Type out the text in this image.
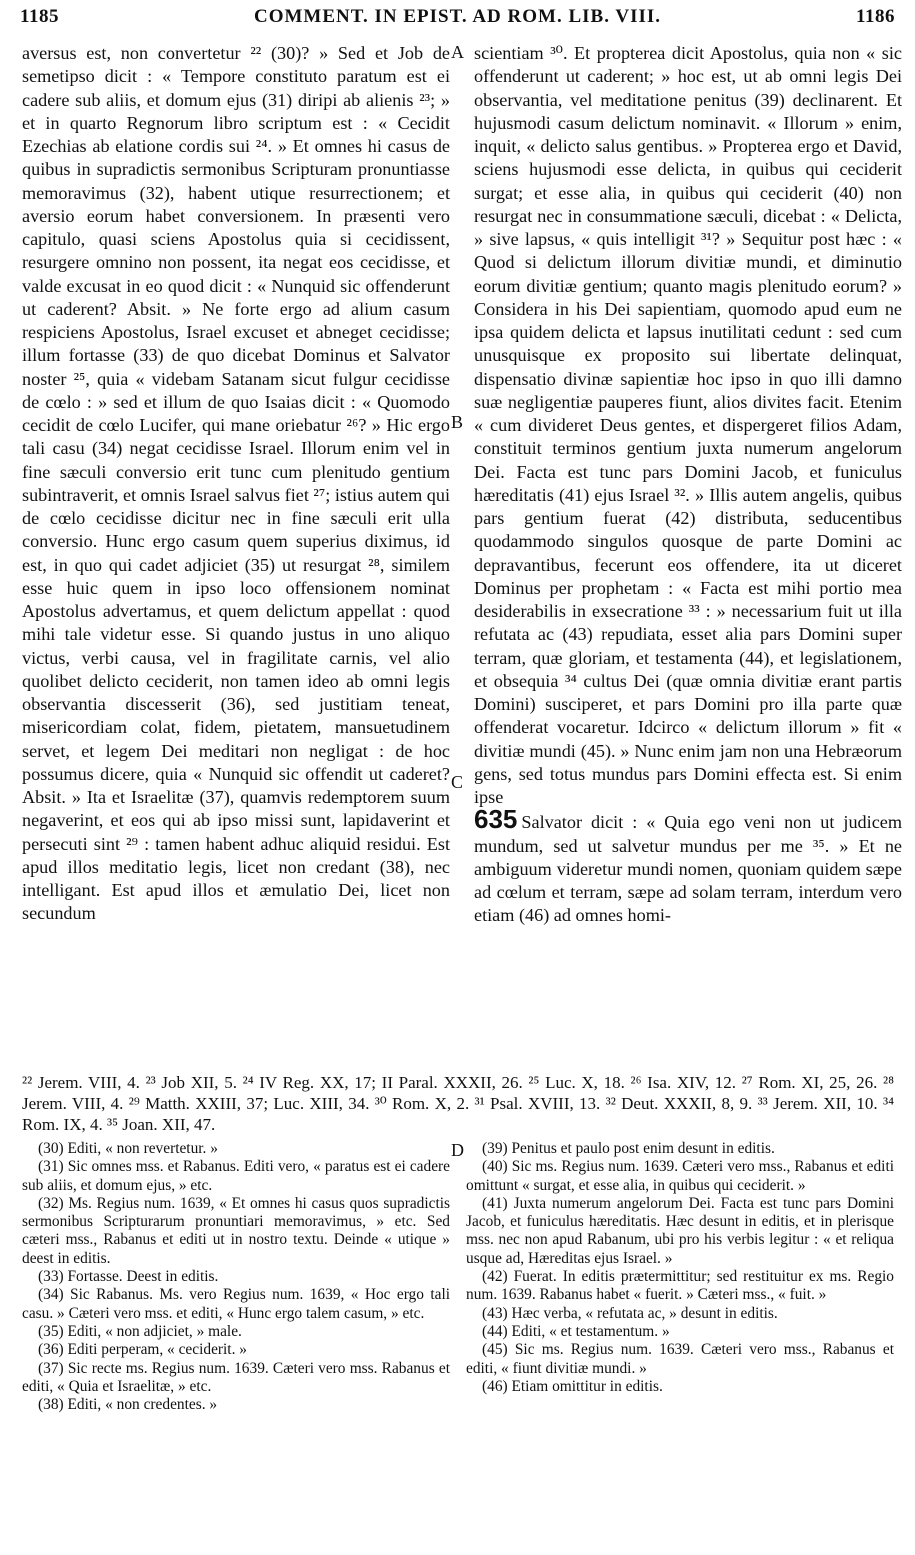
1185	COMMENT. IN EPIST. AD ROM. LIB. VIII.	1186
A
B
C
D

aversus est, non convertetur ²² (30)? » Sed et Job de semetipso dicit : « Tempore constituto paratum est ei cadere sub aliis, et domum ejus (31) diripi ab alienis ²³; » et in quarto Regnorum libro scriptum est : « Cecidit Ezechias ab elatione cordis sui ²⁴. » Et omnes hi casus de quibus in supradictis sermonibus Scripturam pronuntiasse memoravimus (32), habent utique resurrectionem; et aversio eorum habet conversionem. In præsenti vero capitulo, quasi sciens Apostolus quia si cecidissent, resurgere omnino non possent, ita negat eos cecidisse, et valde excusat in eo quod dicit : « Nunquid sic offenderunt ut caderent? Absit. » Ne forte ergo ad alium casum respiciens Apostolus, Israel excuset et abneget cecidisse; illum fortasse (33) de quo dicebat Dominus et Salvator noster ²⁵, quia « videbam Satanam sicut fulgur cecidisse de cœlo : » sed et illum de quo Isaias dicit : « Quomodo cecidit de cœlo Lucifer, qui mane oriebatur ²⁶? » Hic ergo tali casu (34) negat cecidisse Israel. Illorum enim vel in fine sæculi conversio erit tunc cum plenitudo gentium subintraverit, et omnis Israel salvus fiet ²⁷; istius autem qui de cœlo cecidisse dicitur nec in fine sæculi erit ulla conversio. Hunc ergo casum quem superius diximus, id est, in quo qui cadet adjiciet (35) ut resurgat ²⁸, similem esse huic quem in ipso loco offensionem nominat Apostolus advertamus, et quem delictum appellat : quod mihi tale videtur esse. Si quando justus in uno aliquo victus, verbi causa, vel in fragilitate carnis, vel alio quolibet delicto ceciderit, non tamen ideo ab omni legis observantia discesserit (36), sed justitiam teneat, misericordiam colat, fidem, pietatem, mansuetudinem servet, et legem Dei meditari non negligat : de hoc possumus dicere, quia « Nunquid sic offendit ut caderet? Absit. » Ita et Israelitæ (37), quamvis redemptorem suum negaverint, et eos qui ab ipso missi sunt, lapidaverint et persecuti sint ²⁹ : tamen habent adhuc aliquid residui. Est apud illos meditatio legis, licet non credant (38), nec intelligant. Est apud illos et æmulatio Dei, licet non secundum

scientiam ³⁰. Et propterea dicit Apostolus, quia non « sic offenderunt ut caderent; » hoc est, ut ab omni legis Dei observantia, vel meditatione penitus (39) declinarent. Et hujusmodi casum delictum nominavit. « Illorum » enim, inquit, « delicto salus gentibus. » Propterea ergo et David, sciens hujusmodi esse delicta, in quibus qui ceciderit surgat; et esse alia, in quibus qui ceciderit (40) non resurgat nec in consummatione sæculi, dicebat : « Delicta, » sive lapsus, « quis intelligit ³¹? » Sequitur post hæc : « Quod si delictum illorum divitiæ mundi, et diminutio eorum divitiæ gentium; quanto magis plenitudo eorum? » Considera in his Dei sapientiam, quomodo apud eum ne ipsa quidem delicta et lapsus inutilitati cedunt : sed cum unusquisque ex proposito sui libertate delinquat, dispensatio divinæ sapientiæ hoc ipso in quo illi damno suæ negligentiæ pauperes fiunt, alios divites facit. Etenim « cum divideret Deus gentes, et dispergeret filios Adam, constituit terminos gentium juxta numerum angelorum Dei. Facta est tunc pars Domini Jacob, et funiculus hæreditatis (41) ejus Israel ³². » Illis autem angelis, quibus pars gentium fuerat (42) distributa, seducentibus quodammodo singulos quosque de parte Domini ac depravantibus, fecerunt eos offendere, ita ut diceret Dominus per prophetam : « Facta est mihi portio mea desiderabilis in exsecratione ³³ : » necessarium fuit ut illa refutata ac (43) repudiata, esset alia pars Domini super terram, quæ gloriam, et testamenta (44), et legislationem, et obsequia ³⁴ cultus Dei (quæ omnia divitiæ erant partis Domini) susciperet, et pars Domini pro illa parte quæ offenderat vocaretur. Idcirco « delictum illorum » fit « divitiæ mundi (45). » Nunc enim jam non una Hebræorum gens, sed totus mundus pars Domini effecta est. Si enim ipse

635 Salvator dicit : « Quia ego veni non ut judicem mundum, sed ut salvetur mundus per me ³⁵. » Et ne ambiguum videretur mundi nomen, quoniam quidem sæpe ad cœlum et terram, sæpe ad solam terram, interdum vero etiam (46) ad omnes homi-

²² Jerem. VIII, 4. ²³ Job XII, 5. ²⁴ IV Reg. XX, 17; II Paral. XXXII, 26. ²⁵ Luc. X, 18. ²⁶ Isa. XIV, 12. ²⁷ Rom. XI, 25, 26. ²⁸ Jerem. VIII, 4. ²⁹ Matth. XXIII, 37; Luc. XIII, 34. ³⁰ Rom. X, 2. ³¹ Psal. XVIII, 13. ³² Deut. XXXII, 8, 9. ³³ Jerem. XII, 10. ³⁴ Rom. IX, 4. ³⁵ Joan. XII, 47.

(30) Editi, « non revertetur. »

(31) Sic omnes mss. et Rabanus. Editi vero, « paratus est ei cadere sub aliis, et domum ejus, » etc.

(32) Ms. Regius num. 1639, « Et omnes hi casus quos supradictis sermonibus Scripturarum pronuntiari memoravimus, » etc. Sed cæteri mss., Rabanus et editi ut in nostro textu. Deinde « utique » deest in editis.

(33) Fortasse. Deest in editis.

(34) Sic Rabanus. Ms. vero Regius num. 1639, « Hoc ergo tali casu. » Cæteri vero mss. et editi, « Hunc ergo talem casum, » etc.

(35) Editi, « non adjiciet, » male.

(36) Editi perperam, « ceciderit. »

(37) Sic recte ms. Regius num. 1639. Cæteri vero mss. Rabanus et editi, « Quia et Israelitæ, » etc.

(38) Editi, « non credentes. »

(39) Penitus et paulo post enim desunt in editis.

(40) Sic ms. Regius num. 1639. Cæteri vero mss., Rabanus et editi omittunt « surgat, et esse alia, in quibus qui ceciderit. »

(41) Juxta numerum angelorum Dei. Facta est tunc pars Domini Jacob, et funiculus hæreditatis. Hæc desunt in editis, et in plerisque mss. nec non apud Rabanum, ubi pro his verbis legitur : « et reliqua usque ad, Hæreditas ejus Israel. »

(42) Fuerat. In editis prætermittitur; sed restituitur ex ms. Regio num. 1639. Rabanus habet « fuerit. » Cæteri mss., « fuit. »

(43) Hæc verba, « refutata ac, » desunt in editis.

(44) Editi, « et testamentum. »

(45) Sic ms. Regius num. 1639. Cæteri vero mss., Rabanus et editi, « fiunt divitiæ mundi. »

(46) Etiam omittitur in editis.
